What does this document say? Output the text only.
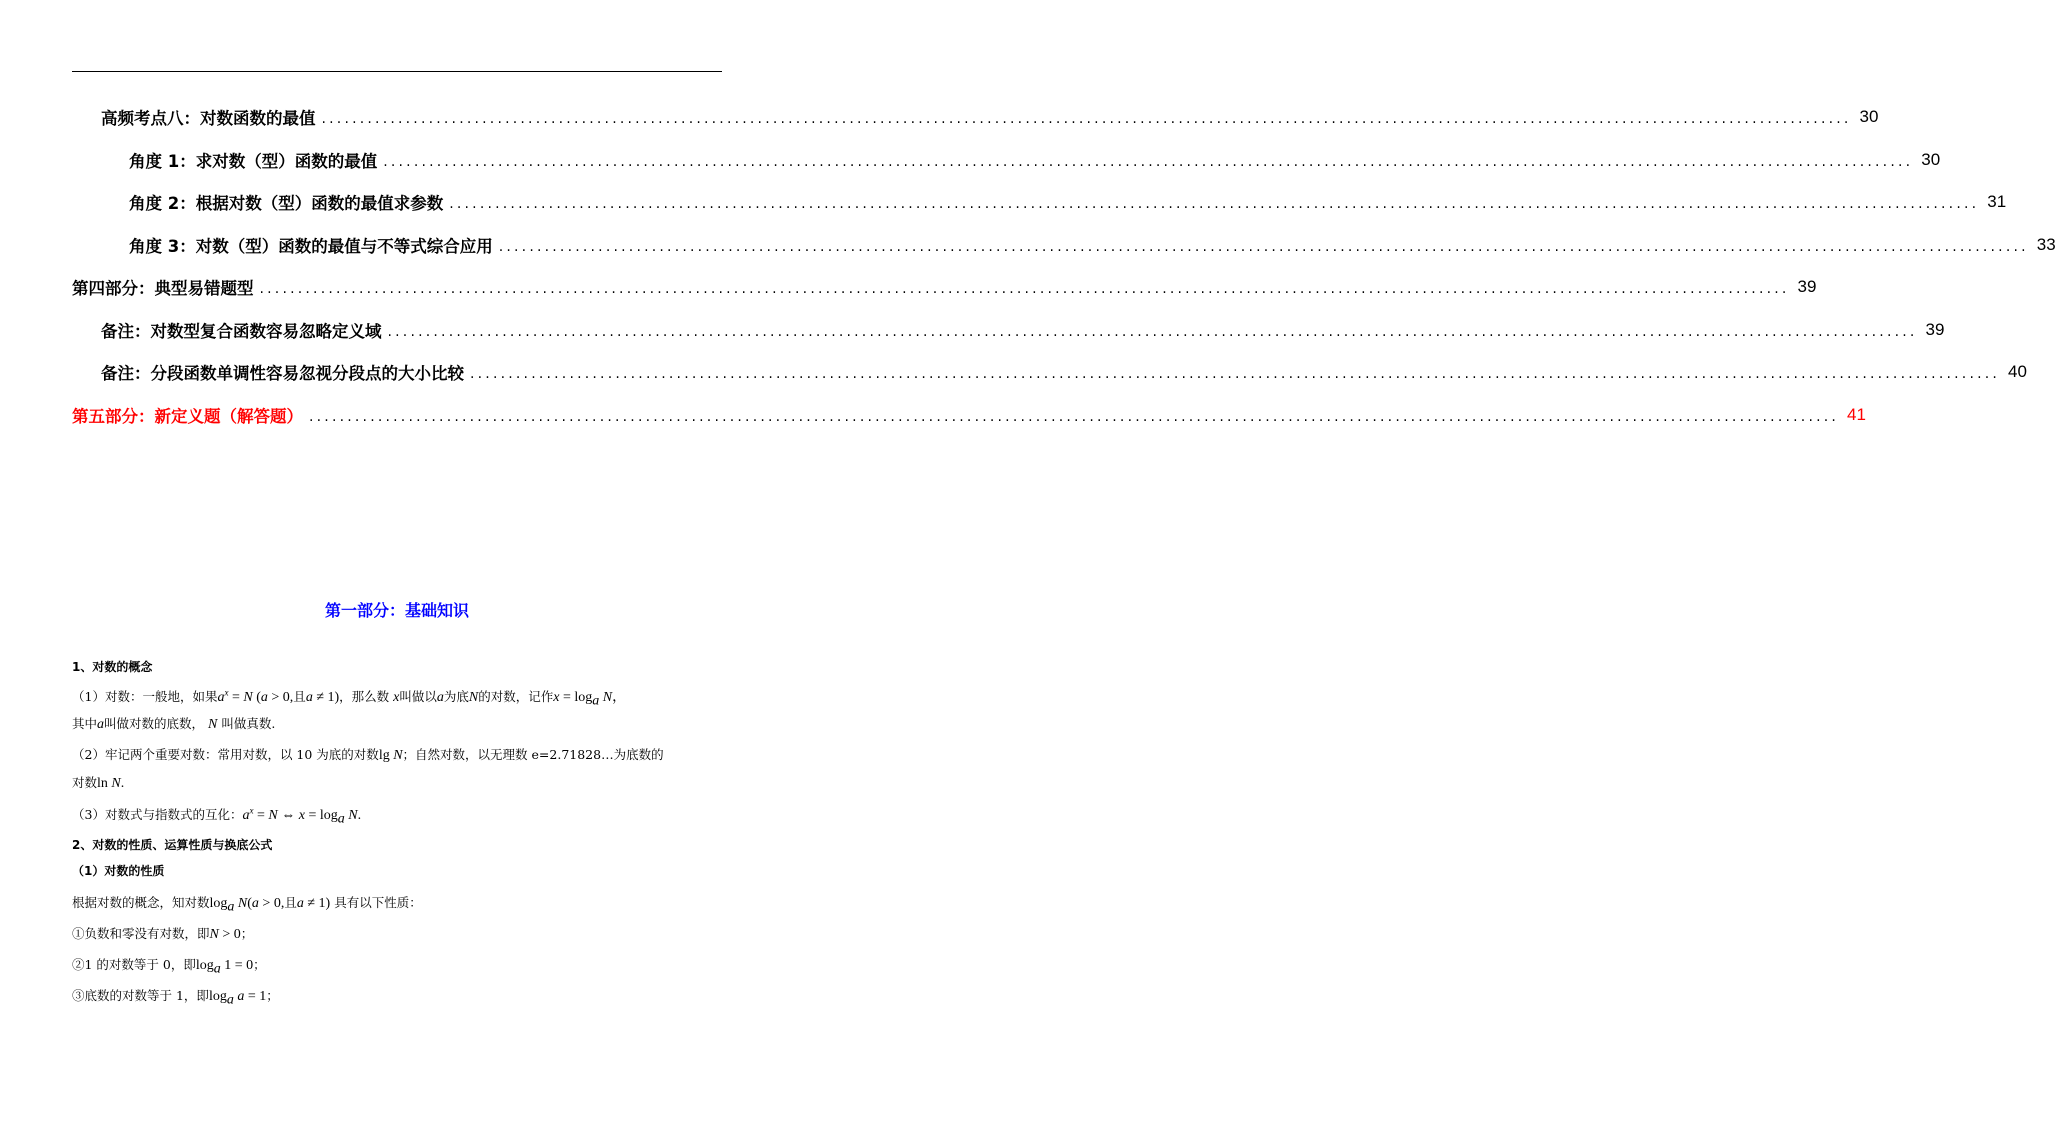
高频考点八：对数函数的最值 ........................................................................................................................................................................................................ 30
角度 1：求对数（型）函数的最值 ........................................................................................................................................................................................................ 30
角度 2：根据对数（型）函数的最值求参数 ........................................................................................................................................................................................................ 31
角度 3：对数（型）函数的最值与不等式综合应用 ........................................................................................................................................................................................................ 33
第四部分：典型易错题型 ........................................................................................................................................................................................................ 39
备注：对数型复合函数容易忽略定义域 ........................................................................................................................................................................................................ 39
备注：分段函数单调性容易忽视分段点的大小比较 ........................................................................................................................................................................................................ 40
第五部分：新定义题（解答题） ........................................................................................................................................................................................................ 41
第一部分：基础知识
1、对数的概念
（1）对数：一般地，如果$a^x = N$ (a > 0,且a ≠ 1)，那么数 x叫做以a为底N的对数，记作$x = \log_a N$，
其中a叫做对数的底数， N 叫做真数.
（2）牢记两个重要对数：常用对数，以 10 为底的对数lg N；自然对数，以无理数 e=2.71828…为底数的
对数ln N.
（3）对数式与指数式的互化：$a^x = N$ ⇔ $x = \log_a N$.
2、对数的性质、运算性质与换底公式
（1）对数的性质
根据对数的概念，知对数$\log_a N(a > 0$,且a ≠ 1) 具有以下性质：
①负数和零没有对数，即N > 0；
②1 的对数等于 0，即$\log_a 1 = 0$；
③底数的对数等于 1，即$\log_a a = 1$；
